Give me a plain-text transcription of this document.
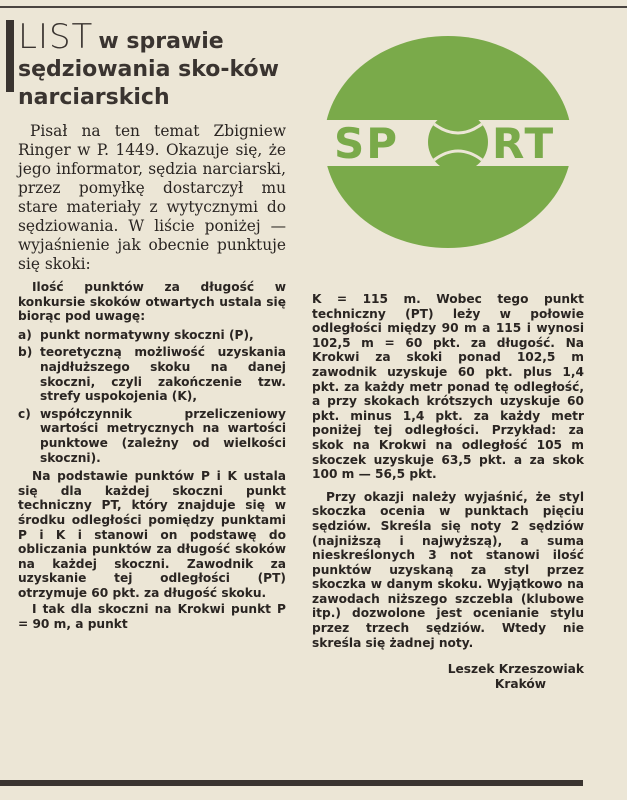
LIST w sprawie sędziowania sko-ków narciarskich

Pisał na ten temat Zbigniew Ringer w P. 1449. Okazuje się, że jego informator, sędzia narciarski, przez pomyłkę dostarczył mu stare materiały z wytycznymi do sędziowania. W liście poniżej — wyjaśnienie jak obecnie punktuje się skoki:

Ilość punktów za długość w konkursie skoków otwartych ustala się biorąc pod uwagę:

a) punkt normatywny skoczni (P),
b) teoretyczną możliwość uzyskania najdłuższego skoku na danej skoczni, czyli zakończenie tzw. strefy uspokojenia (K),
c) współczynnik przeliczeniowy wartości metrycznych na wartości punktowe (zależny od wielkości skoczni).

Na podstawie punktów P i K ustala się dla każdej skoczni punkt techniczny PT, który znajduje się w środku odległości pomiędzy punktami P i K i stanowi on podstawę do obliczania punktów za długość skoków na każdej skoczni. Zawodnik za uzyskanie tej odległości (PT) otrzymuje 60 pkt. za długość skoku.

I tak dla skoczni na Krokwi punkt P = 90 m, a punkt

SP RT

K = 115 m. Wobec tego punkt techniczny (PT) leży w połowie odległości między 90 m a 115 i wynosi 102,5 m = 60 pkt. za długość. Na Krokwi za skoki ponad 102,5 m zawodnik uzyskuje 60 pkt. plus 1,4 pkt. za każdy metr ponad tę odległość, a przy skokach krótszych uzyskuje 60 pkt. minus 1,4 pkt. za każdy metr poniżej tej odległości. Przykład: za skok na Krokwi na odległość 105 m skoczek uzyskuje 63,5 pkt. a za skok 100 m — 56,5 pkt.

Przy okazji należy wyjaśnić, że styl skoczka ocenia w punktach pięciu sędziów. Skreśla się noty 2 sędziów (najniższą i najwyższą), a suma nieskreślonych 3 not stanowi ilość punktów uzyskaną za styl przez skoczka w danym skoku. Wyjątkowo na zawodach niższego szczebla (klubowe itp.) dozwolone jest ocenianie stylu przez trzech sędziów. Wtedy nie skreśla się żadnej noty.

Leszek Krzeszowiak
Kraków
